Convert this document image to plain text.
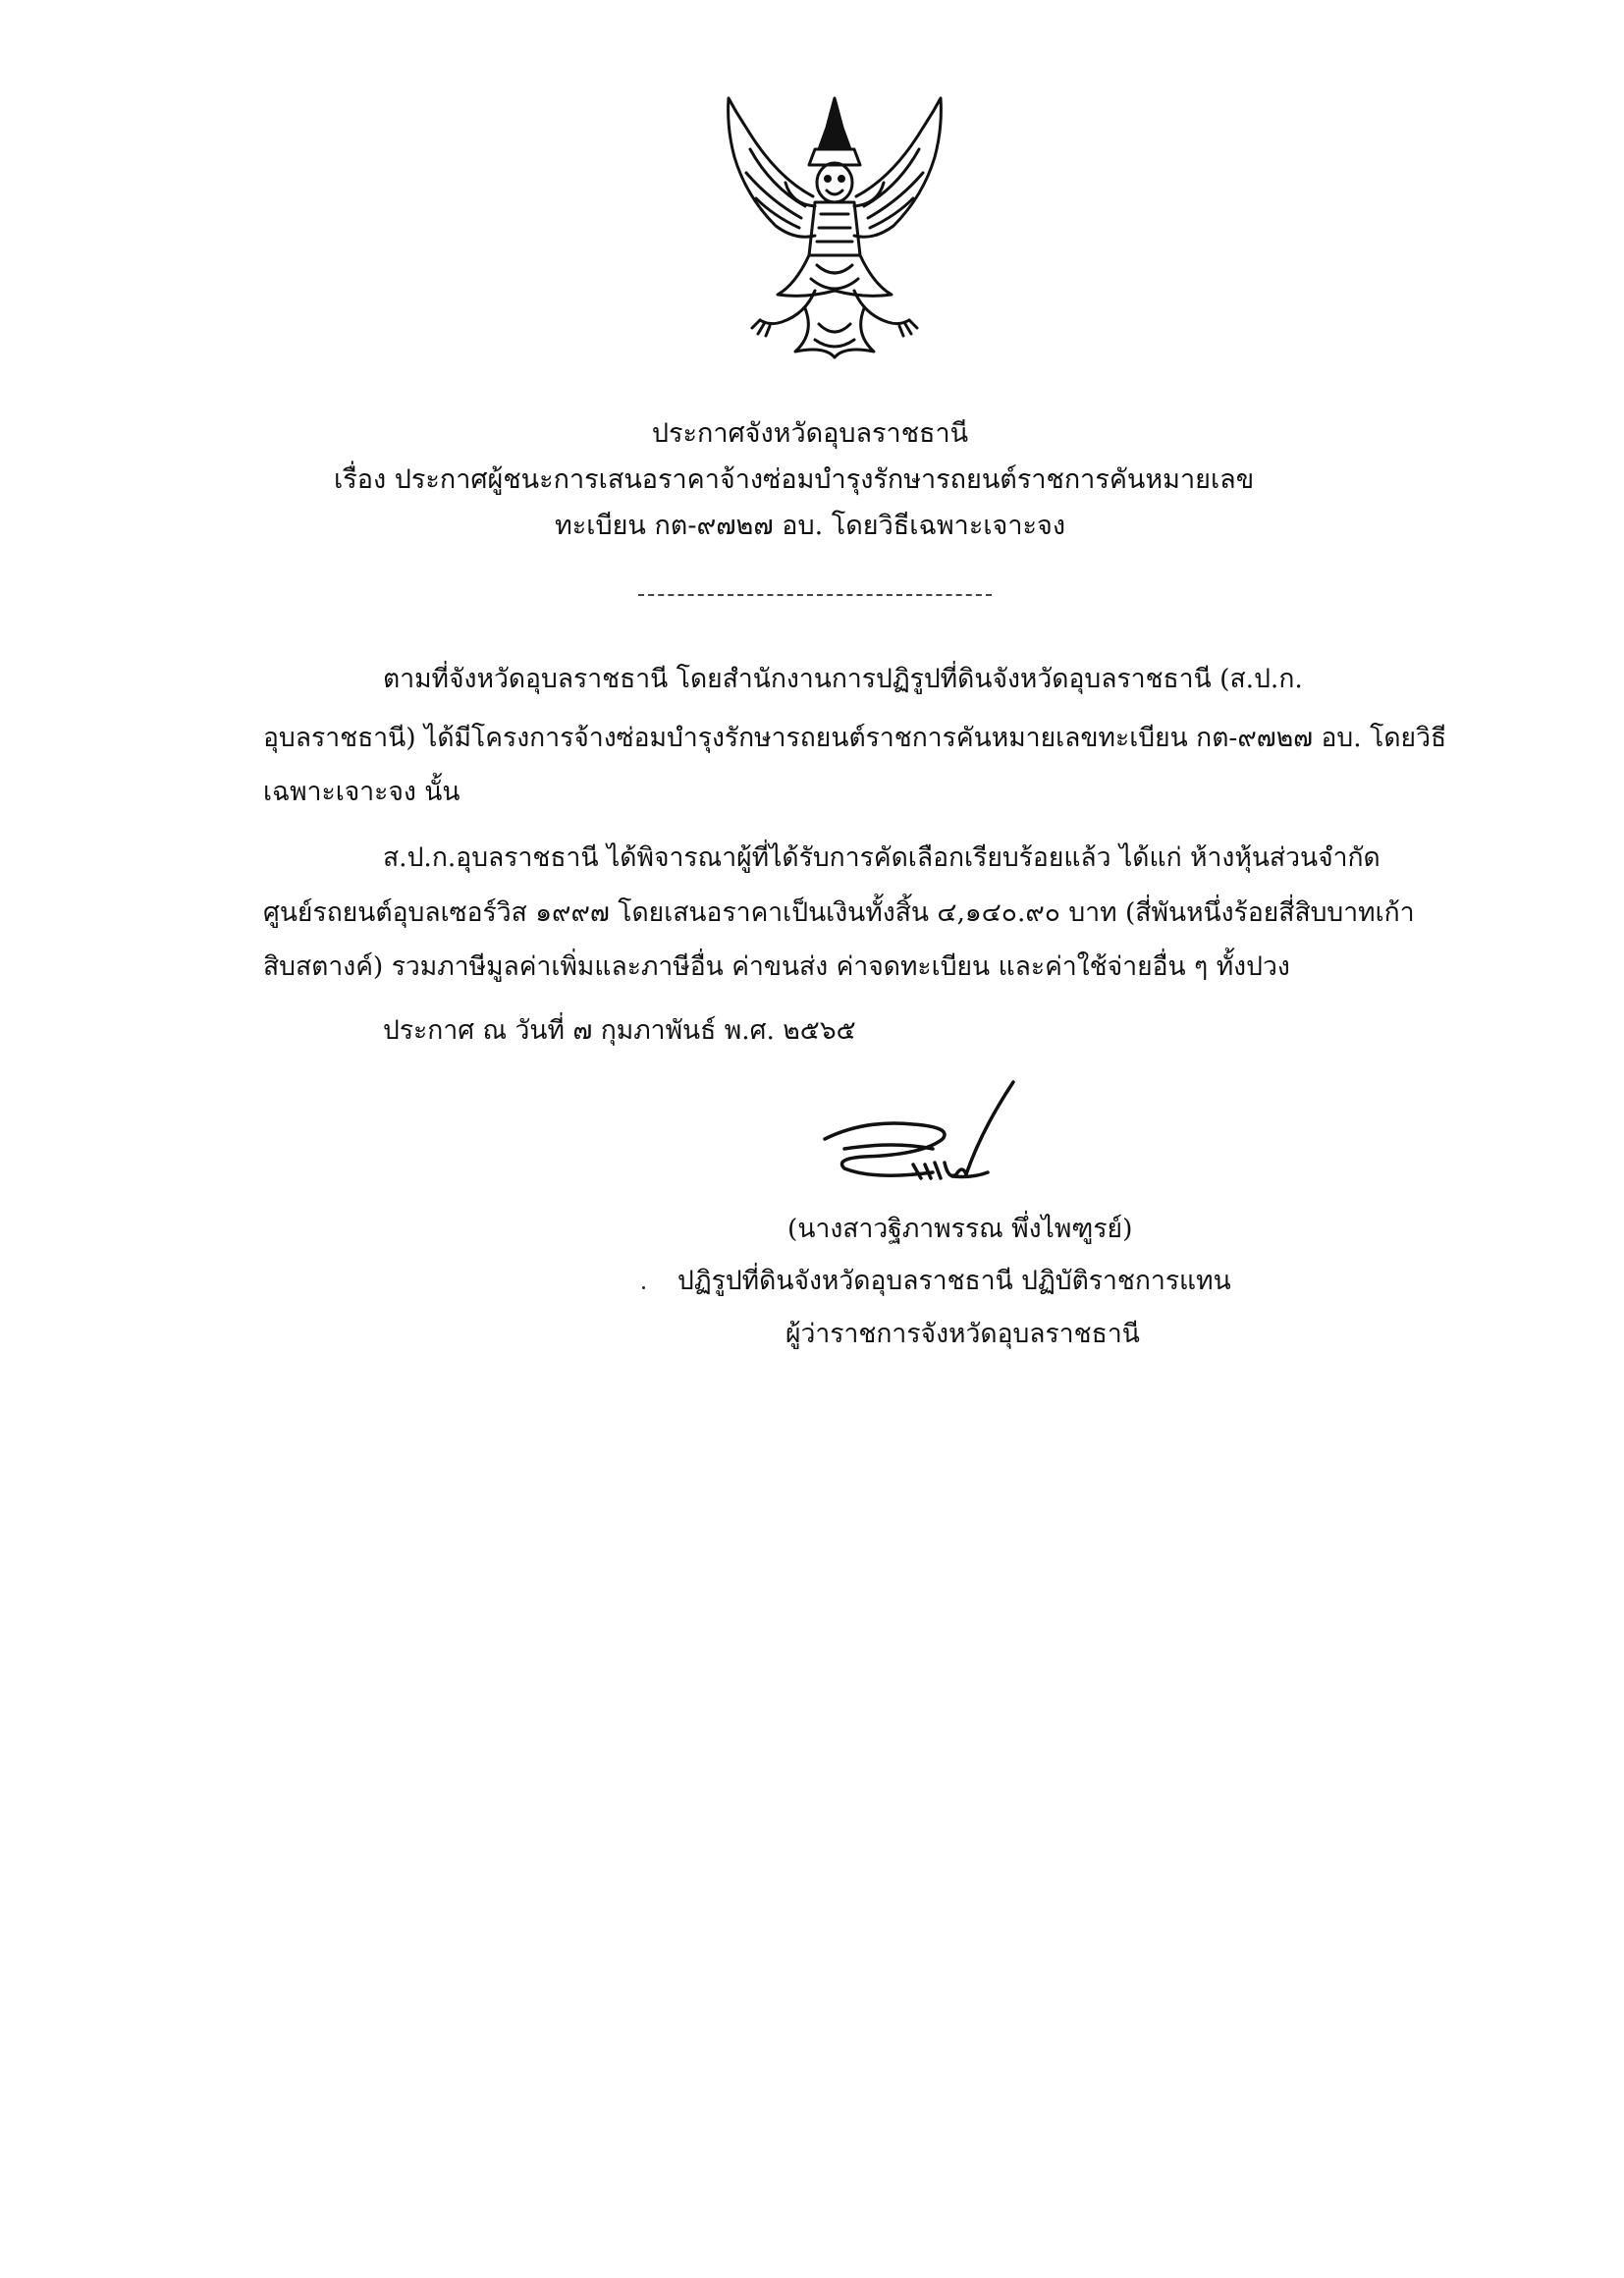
ประกาศจังหวัดอุบลราชธานี
เรื่อง ประกาศผู้ชนะการเสนอราคาจ้างซ่อมบำรุงรักษารถยนต์ราชการคันหมายเลข
ทะเบียน กต-๙๗๒๗ อบ. โดยวิธีเฉพาะเจาะจง
ตามที่จังหวัดอุบลราชธานี โดยสำนักงานการปฏิรูปที่ดินจังหวัดอุบลราชธานี (ส.ป.ก.
อุบลราชธานี) ได้มีโครงการจ้างซ่อมบำรุงรักษารถยนต์ราชการคันหมายเลขทะเบียน กต-๙๗๒๗ อบ. โดยวิธี
เฉพาะเจาะจง นั้น
ส.ป.ก.อุบลราชธานี ได้พิจารณาผู้ที่ได้รับการคัดเลือกเรียบร้อยแล้ว ได้แก่ ห้างหุ้นส่วนจำกัด
ศูนย์รถยนต์อุบลเซอร์วิส ๑๙๙๗ โดยเสนอราคาเป็นเงินทั้งสิ้น ๔,๑๔๐.๙๐ บาท (สี่พันหนึ่งร้อยสี่สิบบาทเก้า
สิบสตางค์) รวมภาษีมูลค่าเพิ่มและภาษีอื่น ค่าขนส่ง ค่าจดทะเบียน และค่าใช้จ่ายอื่น ๆ ทั้งปวง
ประกาศ ณ วันที่ ๗ กุมภาพันธ์ พ.ศ. ๒๕๖๕
(นางสาวฐิภาพรรณ พึ่งไพฑูรย์)
ปฏิรูปที่ดินจังหวัดอุบลราชธานี ปฏิบัติราชการแทน
ผู้ว่าราชการจังหวัดอุบลราชธานี
